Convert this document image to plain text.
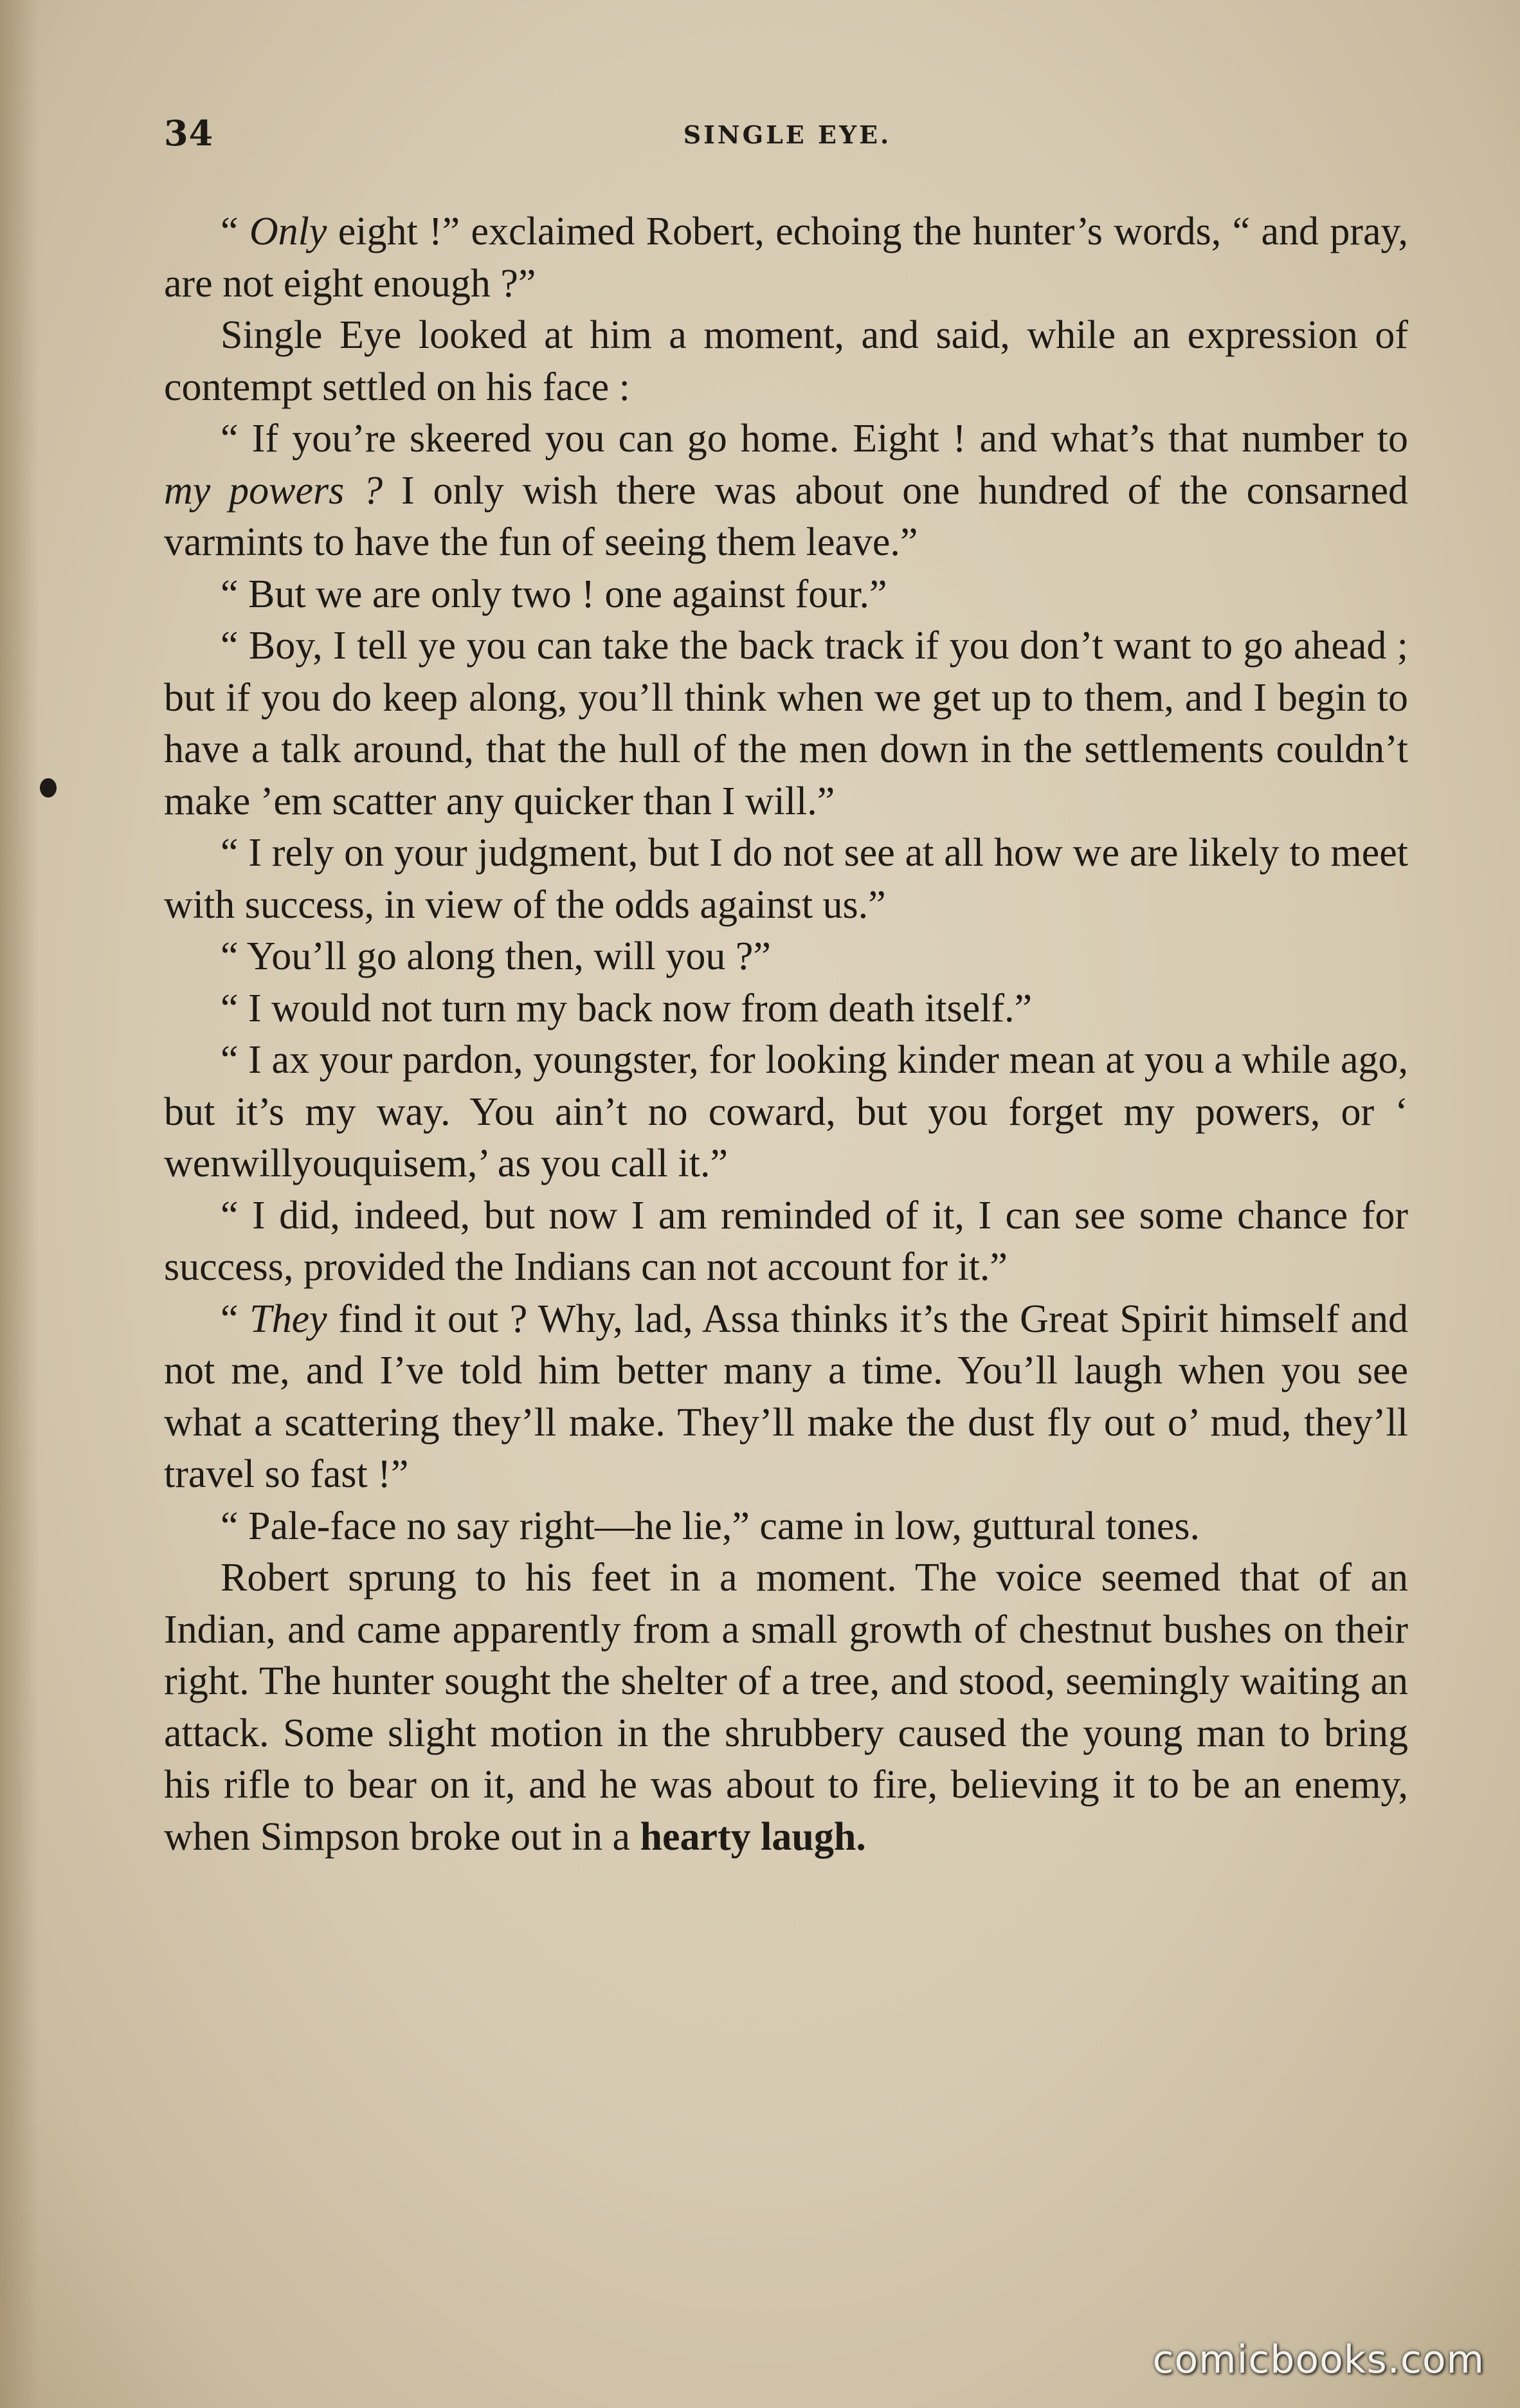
34	SINGLE EYE.

“ Only eight !” exclaimed Robert, echoing the hunter’s words, “ and pray, are not eight enough ?”

Single Eye looked at him a moment, and said, while an expression of contempt settled on his face :

“ If you’re skeered you can go home. Eight ! and what’s that number to my powers ? I only wish there was about one hundred of the consarned varmints to have the fun of seeing them leave.”

“ But we are only two ! one against four.”

“ Boy, I tell ye you can take the back track if you don’t want to go ahead ; but if you do keep along, you’ll think when we get up to them, and I begin to have a talk around, that the hull of the men down in the settlements couldn’t make ’em scatter any quicker than I will.”

“ I rely on your judgment, but I do not see at all how we are likely to meet with success, in view of the odds against us.”

“ You’ll go along then, will you ?”

“ I would not turn my back now from death itself.”

“ I ax your pardon, youngster, for looking kinder mean at you a while ago, but it’s my way. You ain’t no coward, but you forget my powers, or ‘ wenwillyouquisem,’ as you call it.”

“ I did, indeed, but now I am reminded of it, I can see some chance for success, provided the Indians can not account for it.”

“ They find it out ? Why, lad, Assa thinks it’s the Great Spirit himself and not me, and I’ve told him better many a time. You’ll laugh when you see what a scattering they’ll make. They’ll make the dust fly out o’ mud, they’ll travel so fast !”

“ Pale-face no say right—he lie,” came in low, guttural tones.

Robert sprung to his feet in a moment. The voice seemed that of an Indian, and came apparently from a small growth of chestnut bushes on their right. The hunter sought the shelter of a tree, and stood, seemingly waiting an attack. Some slight motion in the shrubbery caused the young man to bring his rifle to bear on it, and he was about to fire, believing it to be an enemy, when Simpson broke out in a hearty laugh.

comicbooks.com
